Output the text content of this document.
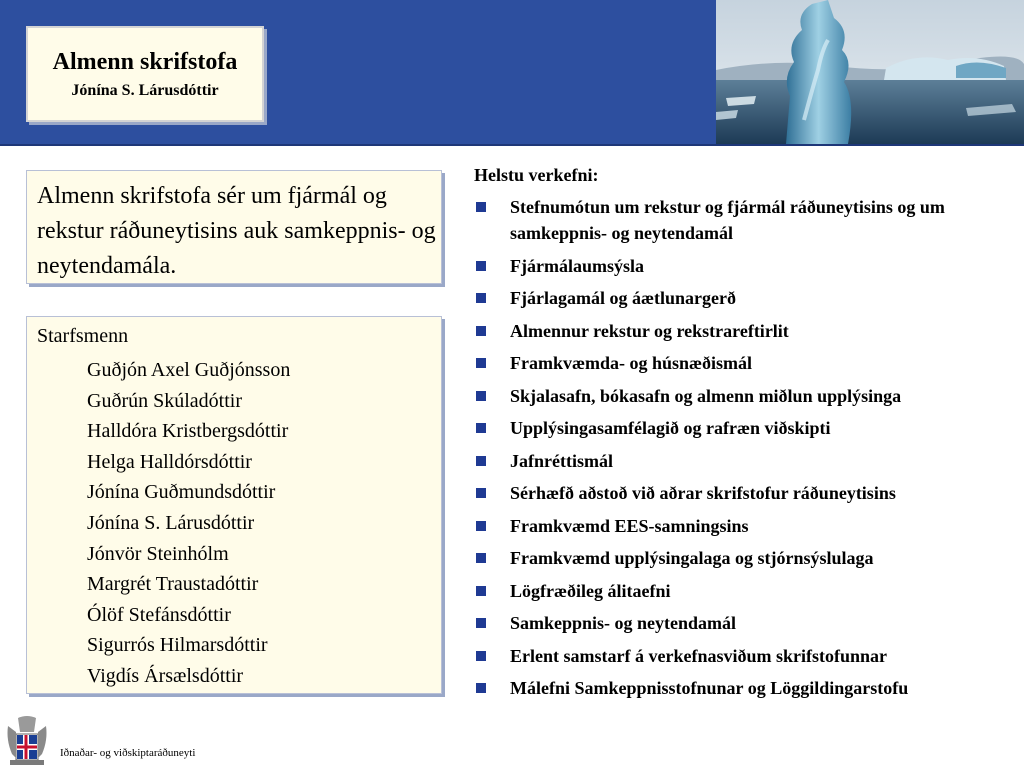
Almenn skrifstofa
Jónína S. Lárusdóttir
Almenn skrifstofa sér um fjármál og rekstur ráðuneytisins auk samkeppnis- og neytendamála.
Starfsmenn
Guðjón Axel Guðjónsson
Guðrún Skúladóttir
Halldóra Kristbergsdóttir
Helga Halldórsdóttir
Jónína Guðmundsdóttir
Jónína S. Lárusdóttir
Jónvör Steinhólm
Margrét Traustadóttir
Ólöf Stefánsdóttir
Sigurrós Hilmarsdóttir
Vigdís Ársælsdóttir
Helstu verkefni:
Stefnumótun um rekstur og fjármál ráðuneytisins og um samkeppnis- og neytendamál
Fjármálaumsýsla
Fjárlagamál og áætlunargerð
Almennur rekstur og rekstrareftirlit
Framkvæmda- og húsnæðismál
Skjalasafn, bókasafn og almenn miðlun upplýsinga
Upplýsingasamfélagið og rafræn viðskipti
Jafnréttismál
Sérhæfð aðstoð við aðrar skrifstofur ráðuneytisins
Framkvæmd EES-samningsins
Framkvæmd upplýsingalaga og stjórnsýslulaga
Lögfræðileg álitaefni
Samkeppnis- og neytendamál
Erlent samstarf á verkefnasviðum skrifstofunnar
Málefni Samkeppnisstofnunar og Löggildingarstofu
Iðnaðar- og viðskiptaráðuneyti
